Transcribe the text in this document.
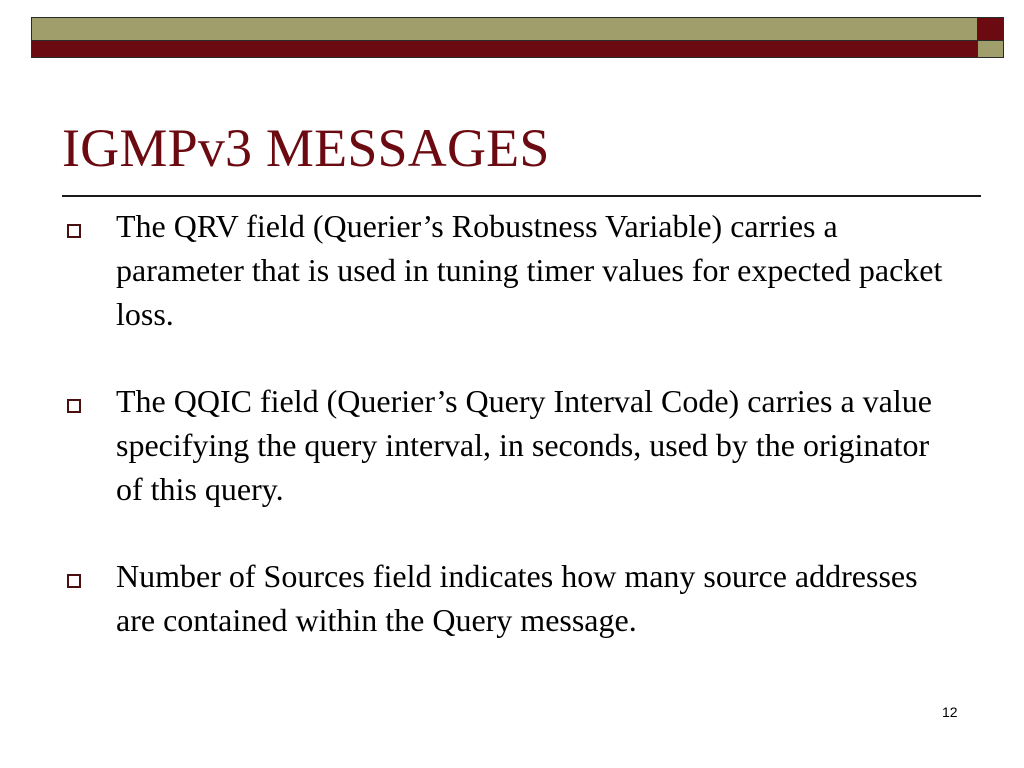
IGMPv3 MESSAGES
The QRV field (Querier’s Robustness Variable) carries a parameter that is used in tuning timer values for expected packet loss.
The QQIC field (Querier’s Query Interval Code) carries a value specifying the query interval, in seconds, used by the originator of this query.
Number of Sources field indicates how many source addresses are contained within the Query message.
12
